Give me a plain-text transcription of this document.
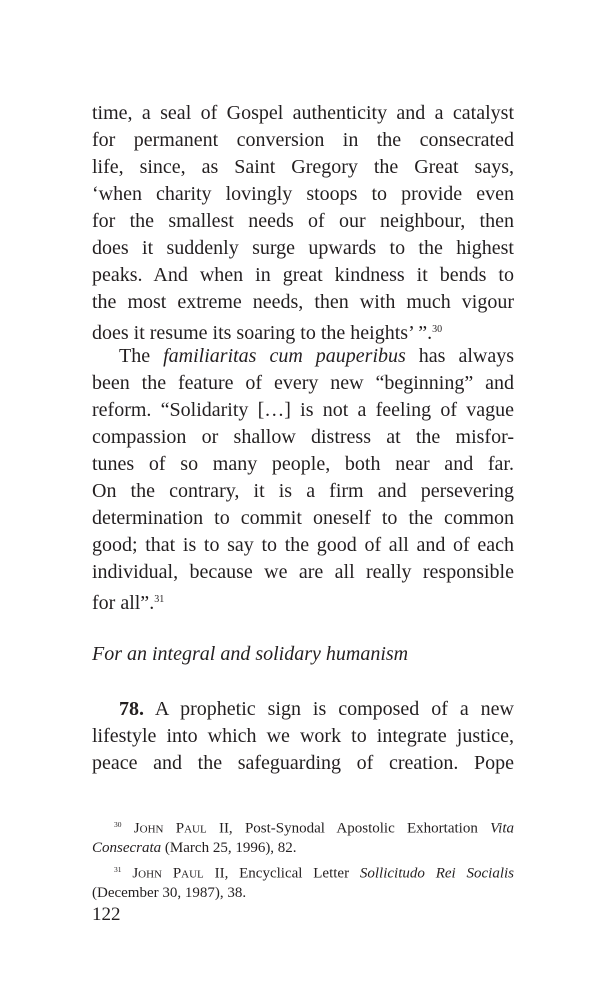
time, a seal of Gospel authenticity and a catalyst
for permanent conversion in the consecrated
life, since, as Saint Gregory the Great says,
‘when charity lovingly stoops to provide even
for the smallest needs of our neighbour, then
does it suddenly surge upwards to the highest
peaks. And when in great kindness it bends to
the most extreme needs, then with much vigour
does it resume its soaring to the heights’ ”.$^{30}$
The familiaritas cum pauperibus has always
been the feature of every new “beginning” and
reform. “Solidarity […] is not a feeling of vague
compassion or shallow distress at the misfor-
tunes of so many people, both near and far.
On the contrary, it is a firm and persevering
determination to commit oneself to the common
good; that is to say to the good of all and of each
individual, because we are all really responsible
for all”.$^{31}$
For an integral and solidary humanism
78. A prophetic sign is composed of a new
lifestyle into which we work to integrate justice,
peace and the safeguarding of creation. Pope
$^{30}$ John Paul II, Post-Synodal Apostolic Exhortation Vita
Consecrata (March 25, 1996), 82.
$^{31}$ John Paul II, Encyclical Letter Sollicitudo Rei Socialis
(December 30, 1987), 38.
122
